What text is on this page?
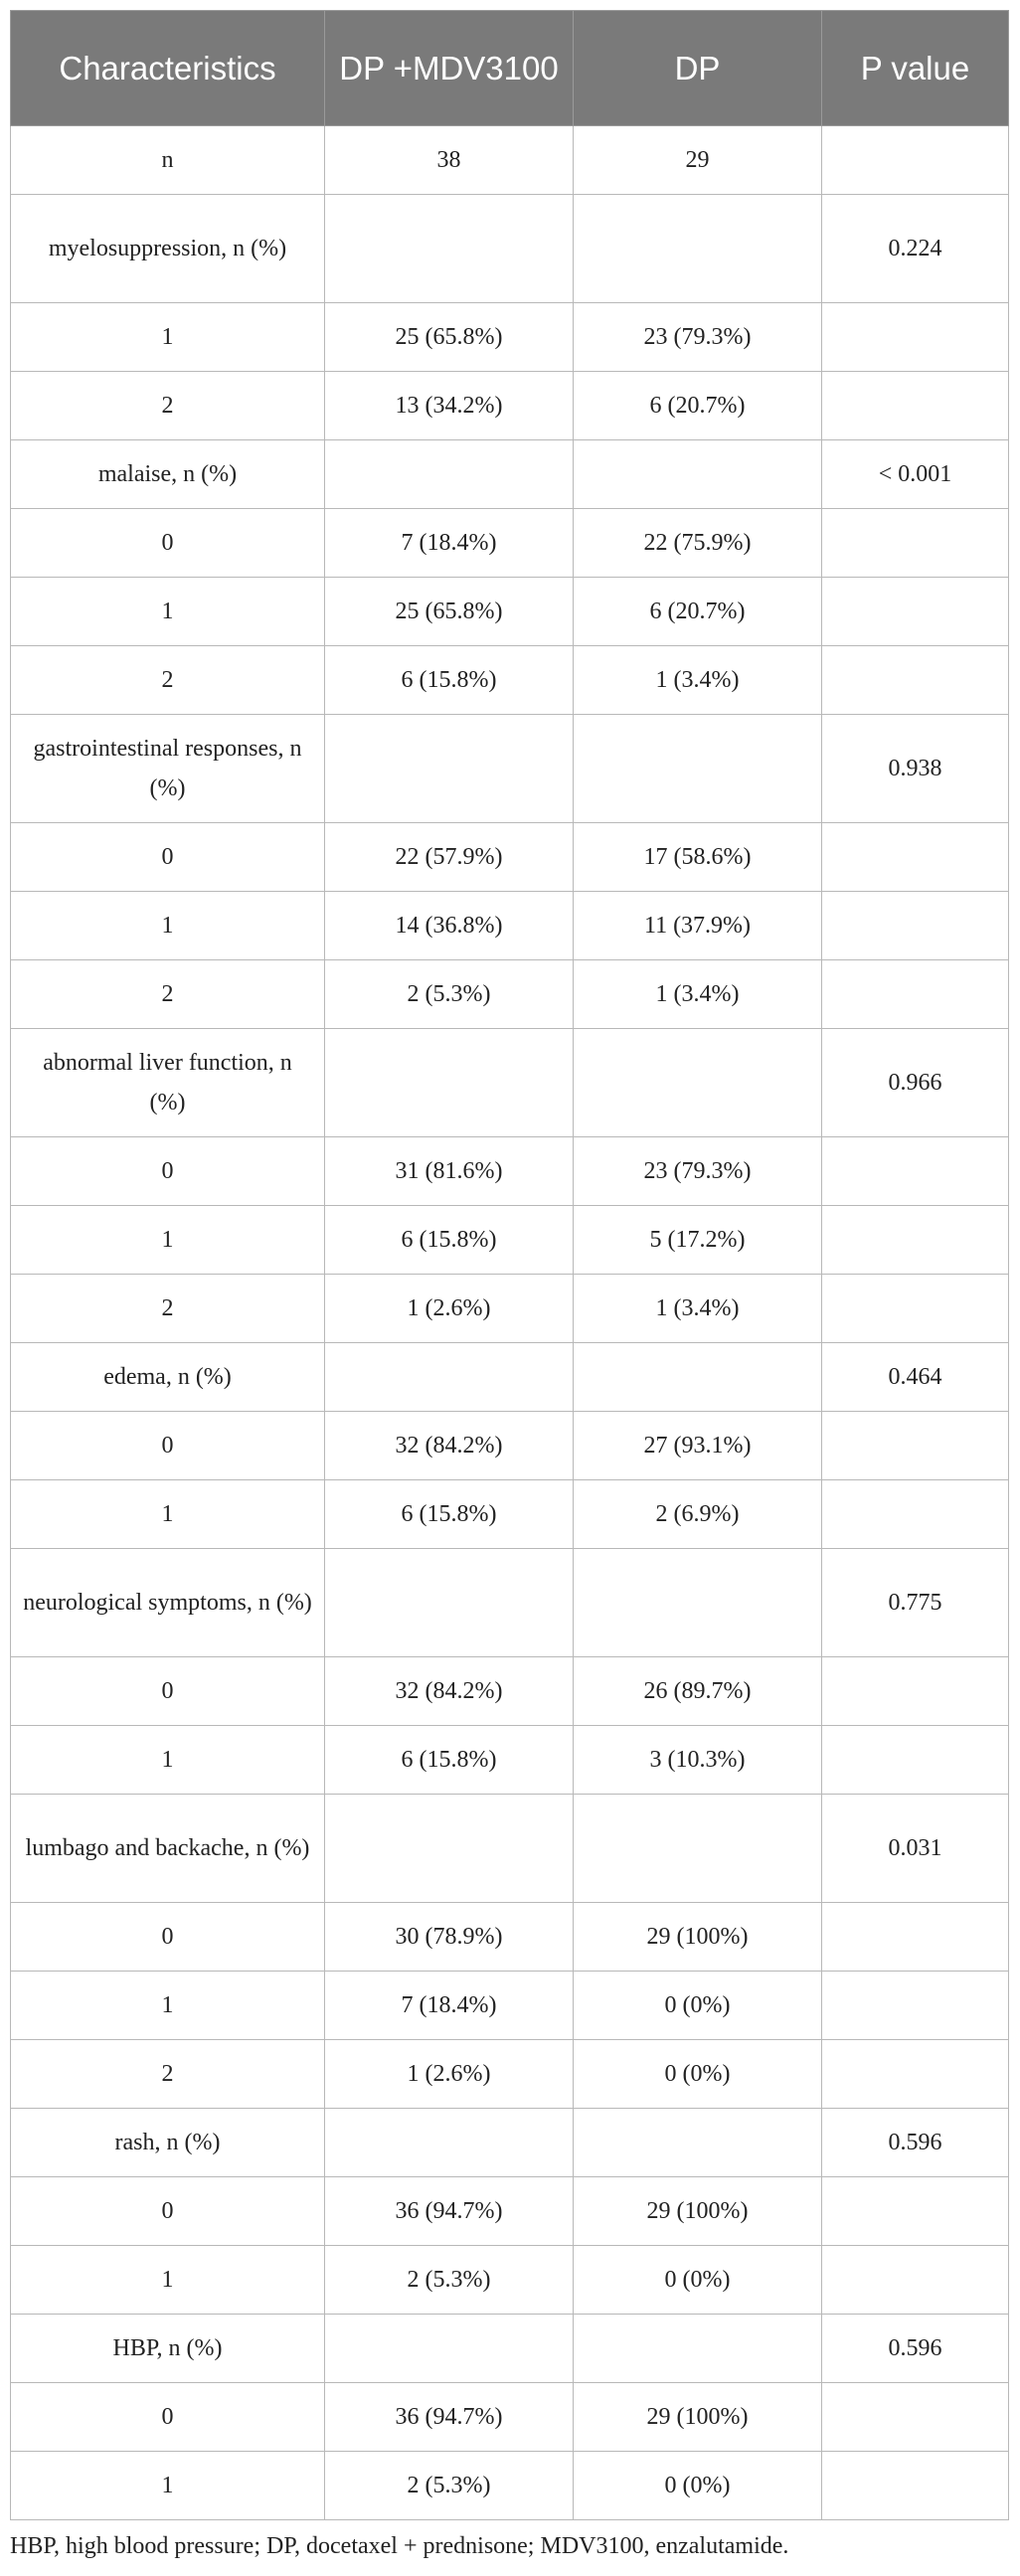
Characteristics	DP +MDV3100	DP	P value
n	38	29	
myelosuppression, n (%)			0.224
1	25 (65.8%)	23 (79.3%)	
2	13 (34.2%)	6 (20.7%)	
malaise, n (%)			< 0.001
0	7 (18.4%)	22 (75.9%)	
1	25 (65.8%)	6 (20.7%)	
2	6 (15.8%)	1 (3.4%)	
gastrointestinal responses, n (%)			0.938
0	22 (57.9%)	17 (58.6%)	
1	14 (36.8%)	11 (37.9%)	
2	2 (5.3%)	1 (3.4%)	
abnormal liver function, n (%)			0.966
0	31 (81.6%)	23 (79.3%)	
1	6 (15.8%)	5 (17.2%)	
2	1 (2.6%)	1 (3.4%)	
edema, n (%)			0.464
0	32 (84.2%)	27 (93.1%)	
1	6 (15.8%)	2 (6.9%)	
neurological symptoms, n (%)			0.775
0	32 (84.2%)	26 (89.7%)	
1	6 (15.8%)	3 (10.3%)	
lumbago and backache, n (%)			0.031
0	30 (78.9%)	29 (100%)	
1	7 (18.4%)	0 (0%)	
2	1 (2.6%)	0 (0%)	
rash, n (%)			0.596
0	36 (94.7%)	29 (100%)	
1	2 (5.3%)	0 (0%)	
HBP, n (%)			0.596
0	36 (94.7%)	29 (100%)	
1	2 (5.3%)	0 (0%)	
HBP, high blood pressure; DP, docetaxel + prednisone; MDV3100, enzalutamide.
